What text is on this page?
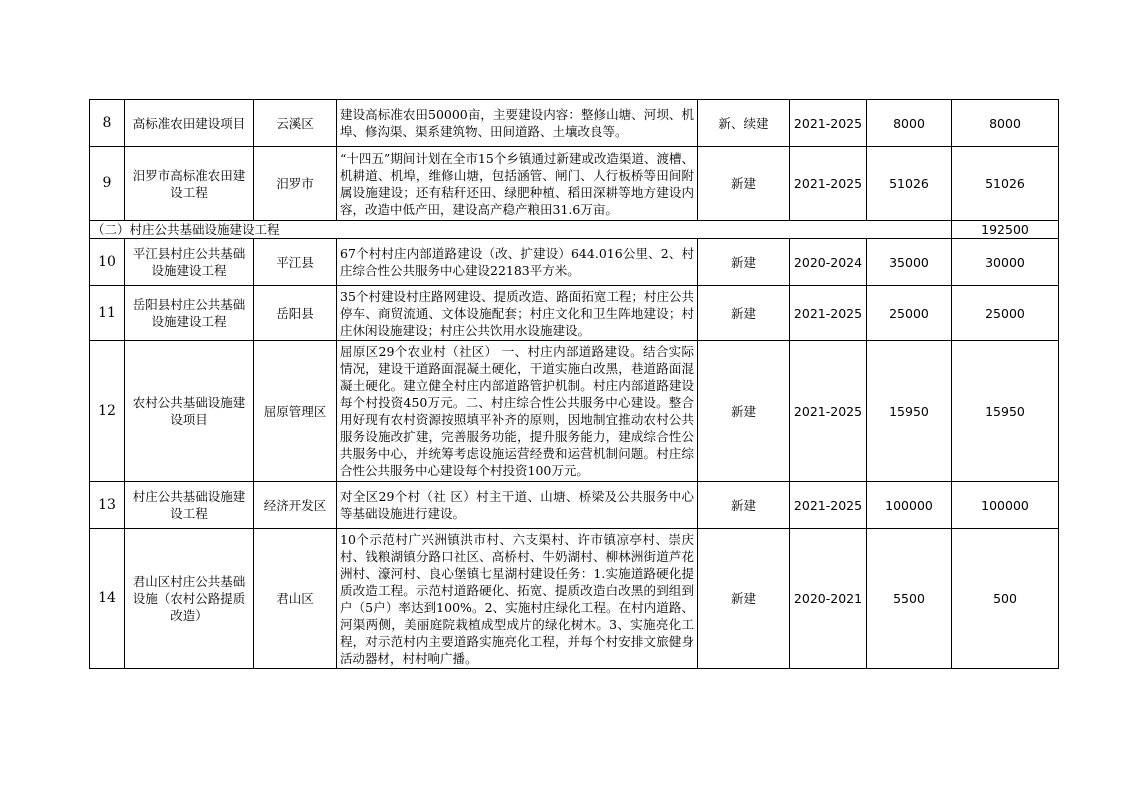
8	高标准农田建设项目	云溪区	建设高标准农田50000亩，主要建设内容：整修山塘、河坝、机埠、修沟渠、渠系建筑物、田间道路、土壤改良等。	新、续建	2021-2025	8000	8000
9	汨罗市高标准农田建设工程	汨罗市	“十四五”期间计划在全市15个乡镇通过新建或改造渠道、渡槽、机耕道、机埠，维修山塘，包括涵管、闸门、人行板桥等田间附属设施建设；还有秸秆还田、绿肥种植、稻田深耕等地方建设内容，改造中低产田，建设高产稳产粮田31.6万亩。	新建	2021-2025	51026	51026
（二）村庄公共基础设施建设工程							192500
10	平江县村庄公共基础设施建设工程	平江县	67个村村庄内部道路建设（改、扩建设）644.016公里、2、村庄综合性公共服务中心建设22183平方米。	新建	2020-2024	35000	30000
11	岳阳县村庄公共基础设施建设工程	岳阳县	35个村建设村庄路网建设、提质改造、路面拓宽工程；村庄公共停车、商贸流通、文体设施配套；村庄文化和卫生阵地建设；村庄休闲设施建设；村庄公共饮用水设施建设。	新建	2021-2025	25000	25000
12	农村公共基础设施建设项目	屈原管理区	屈原区29个农业村（社区） 一、村庄内部道路建设。结合实际情况，建设干道路面混凝土硬化，干道实施白改黑，巷道路面混凝土硬化。建立健全村庄内部道路管护机制。村庄内部道路建设每个村投资450万元。二、村庄综合性公共服务中心建设。整合用好现有农村资源按照填平补齐的原则，因地制宜推动农村公共服务设施改扩建，完善服务功能，提升服务能力，建成综合性公共服务中心，并统筹考虑设施运营经费和运营机制问题。村庄综合性公共服务中心建设每个村投资100万元。	新建	2021-2025	15950	15950
13	村庄公共基础设施建设工程	经济开发区	对全区29个村（社 区）村主干道、山塘、桥梁及公共服务中心等基础设施进行建设。	新建	2021-2025	100000	100000
14	君山区村庄公共基础设施（农村公路提质改造）	君山区	10个示范村广兴洲镇洪市村、六支渠村、许市镇凉亭村、崇庆村、钱粮湖镇分路口社区、高桥村、牛奶湖村、柳林洲街道芦花洲村、濠河村、良心堡镇七星湖村建设任务：1.实施道路硬化提质改造工程。示范村道路硬化、拓宽、提质改造白改黑的到组到户（5户）率达到100%。2、实施村庄绿化工程。在村内道路、河渠两侧，美丽庭院栽植成型成片的绿化树木。3、实施亮化工程，对示范村内主要道路实施亮化工程，并每个村安排文旅健身活动器材，村村响广播。	新建	2020-2021	5500	500
